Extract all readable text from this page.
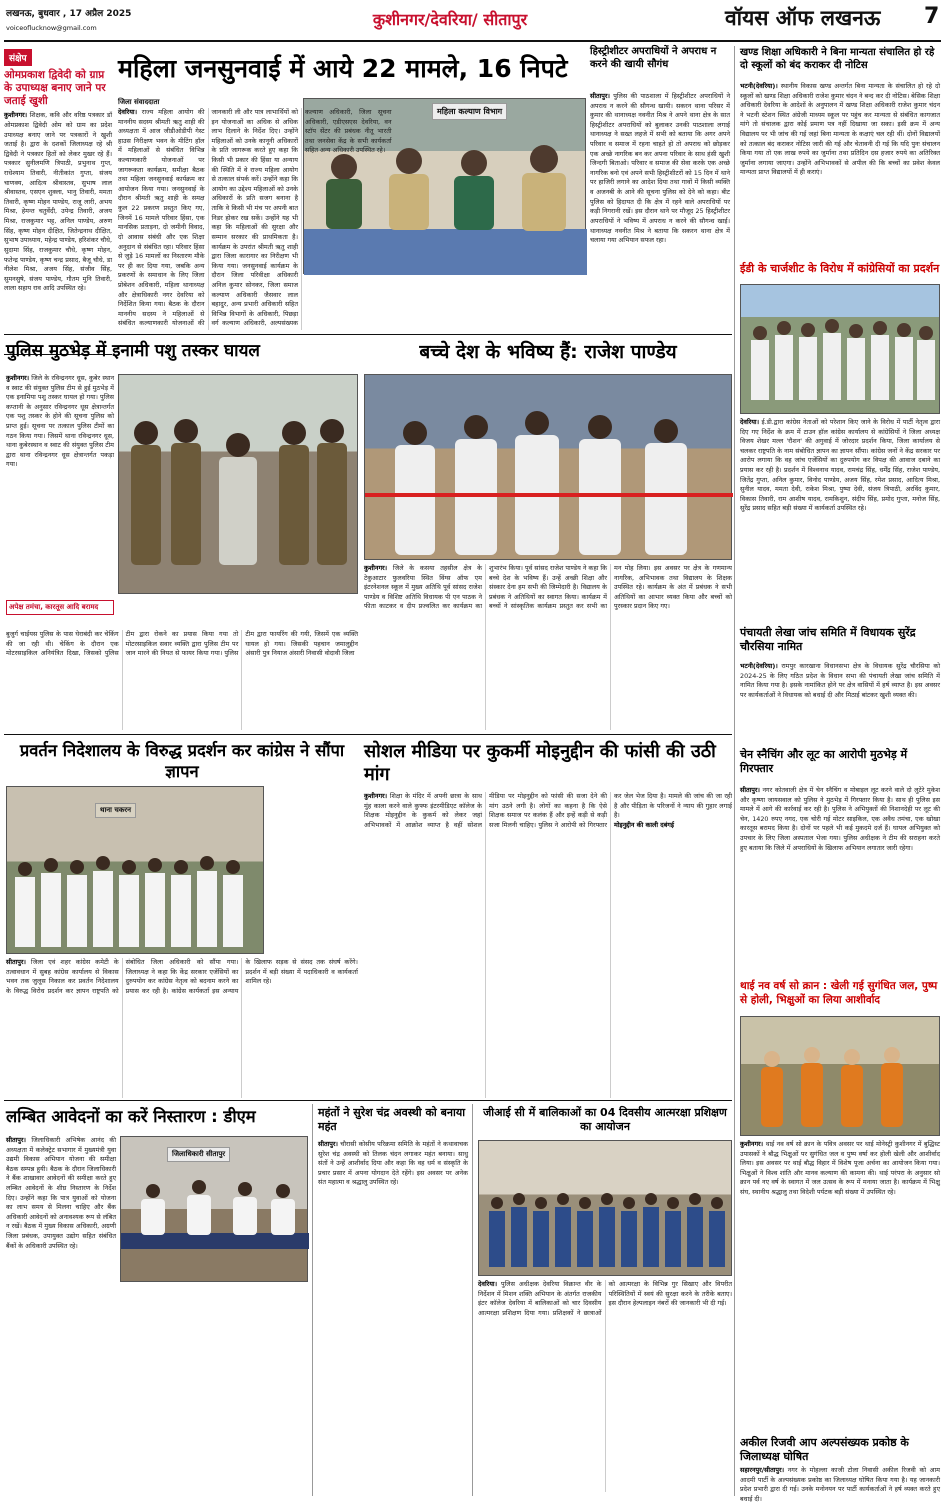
लखनऊ, बुधवार , 17 अप्रैल 2025
voiceoflucknow@gmail.com	कुशीनगर/देवरिया/ सीतापुर	वॉयस ऑफ लखनऊ 7
संक्षेप
ओमप्रकाश द्विवेदी को ग्राप्र के उपाध्यक्ष बनाए जाने पर जताई खुशी
कुशीनगर। शिक्षक, कवि और वरिष्ठ पत्रकार डॉ ओमप्रकाश द्विवेदी ओम को ग्राम का प्रदेश उपाध्यक्ष बनाए जाने पर पत्रकारों ने खुशी जताई है। द्वारा के दशकों जिलाध्यक्ष रहे श्री द्विवेदी ने पत्रकार हितों को लेकर मुखर रहे हैं। पत्रकार सुनीलमणि त्रिपाठी, प्रभुनाथ गुप्त, राधेश्याम तिवारी, नीतीकांत गुप्ता, संजय चाणक्य, आदित्य श्रीवास्तव, सुभाष लाल श्रीवास्तव, एसएन शुक्ला, भानु तिवारी, ममता तिवारी, कृष्ण मोहन पाण्डेय, राजू लारी, अभय मिश्रा, हेमन्त चतुर्वेदी, उपेन्द्र तिवारी, अजय मिश्रा, राजकुमार भट्ट, अनिल पाण्डेय, अरुण सिंह, कृष्ण मोहन दीक्षित, जितेन्द्रनाथ दीक्षित, सुभाष उपाध्याय, महेन्द्र पाण्डेय, हरिशंकर चौधे, सुदामा सिंह, राजकुमार चौधे, कृष्ण मोहन, फतेन्द्र पाण्डेय, कृष्ण चन्द्र प्रसाद, बैजू चौधे, डा नीलेश मिश्रा, अजय सिंह, संजीव सिंह, सुमनसुषे, संजय पाण्डेय, गौतम मुनि तिवारी, लाला सहाय राव आदि उपस्थित रहे।
महिला जनसुनवाई में आये 22 मामले, 16 निपटे
महिला कल्याण विभाग
जिला संवाददाता
देवरिया। राज्य महिला आयोग की माननीय सदस्य श्रीमती ऋतु शाही की अध्यक्षता में आज जीडीओडीपी गेस्ट हाउस निरीक्षण भवन के मीटिंग हॉल में महिलाओं से संबंधित विभिन्न कल्याणकारी योजनाओं पर जागरूकता कार्यक्रम, समीक्षा बैठक तथा महिला जनसुनवाई कार्यक्रम का आयोजन किया गया। जनसुनवाई के दौरान श्रीमती ऋतु शाही के समक्ष कुल 22 प्रकरण प्रस्तुत किए गए, जिनमें 16 मामले परिवार हिंसा, एक मानसिक प्रताड़ना, दो जमीनी विवाद, दो आवास संबंधी और एक शिक्षा अनुदान से संबंधित रहा। परिवार हिंसा से जुड़े 16 मामलों का निस्तारण मौके पर ही कर दिया गया, जबकि अन्य प्रकरणों के समाधान के लिए जिला प्रोबेशन अधिकारी, महिला थानाध्यक्ष और क्षेत्राधिकारी नगर देवरिया को निर्देशित किया गया। बैठक के दौरान माननीय सदस्य ने महिलाओं से संबंधित कल्याणकारी योजनाओं की जानकारी ली और पात्र लाभार्थियों को इन योजनाओं का अधिक से अधिक लाभ दिलाने के निर्देश दिए। उन्होंने महिलाओं को उनके कानूनी अधिकारों के प्रति जागरूक करते हुए कहा कि किसी भी प्रकार की हिंसा या अन्याय की स्थिति में वे राज्य महिला आयोग से तत्काल संपर्क करें। उन्होंने कहा कि आयोग का उद्देश्य महिलाओं को उनके अधिकारों के प्रति सजग बनाना है ताकि वे किसी भी मंच पर अपनी बात निडर होकर रख सकें। उन्होंने यह भी कहा कि महिलाओं की सुरक्षा और सम्मान सरकार की प्राथमिकता है। कार्यक्रम के उपरांत श्रीमती ऋतु शाही द्वारा जिला कारागार का निरीक्षण भी किया गया। जनसुनवाई कार्यक्रम के दौरान जिला परिवीक्षा अधिकारी अनिल कुमार सोनकर, जिला समाज कल्याण अधिकारी जैसवार लाल बहादुर, अन्य प्रभारी अधिकारी सहित विभिन्न विभागों के अधिकारी, पिछड़ा वर्ग कल्याण अधिकारी, अल्पसंख्यक कल्याण अधिकारी, जिला सूचना अधिकारी, एडीएसएस देवरिया, वन स्टॉप सेंटर की प्रबंधक नीतू भारती तथा जनसेवा केंद्र के सभी कार्यकर्ता सहित अन्य अधिकारी उपस्थित रहे।
हिस्ट्रीशीटर अपराधियों ने अपराध न करने की खायी सौगंध
सीतापुर। पुलिस की पाठशाला में हिस्ट्रीशीटर अपराधियों ने अपराध न करने की सौगन्ध खायी। सकरन थाना परिसर में कुमार की थानाध्यक्ष नवनीत मिश्र ने अपने थाना क्षेत्र के सात हिस्ट्रीशीटर अपराधियों को बुलाकर उनकी पाठशाला लगाई थानाध्यक्ष ने सख्त लहजे में सभी को बताया कि अगर अपने परिवार व समाज में रहना चाहते हो तो अपराध को छोड़कर एक अच्छे नागरिक बन कर अपना परिवार के साथ हंसी खुशी जिन्दगी बिताओ। परिवार व समाज की सेवा करके एक अच्छे नागरिक बनो एवं अपने सभी हिस्ट्रीशीटरों को 15 दिन में थाने पर हाजिरी लगाने का आदेश दिया तथा गावों में किसी व्यक्ति व अजनबी के आने की सूचना पुलिस को देने को कहा। बीट पुलिस को हिदायत दी कि क्षेत्र में रहने वाले अपराधियों पर कड़ी निगरानी रखें। इस दौरान थाने पर मौजूद 25 हिस्ट्रीशीटर अपराधियों ने भविष्य में अपराध न करने की सौगन्ध खाई। थानाध्यक्ष नवनीत मिश्र ने बताया कि सकरन थाना क्षेत्र में चलाया गया अभियान सफल रहा।
खण्ड शिक्षा अधिकारी ने बिना मान्यता संचालित हो रहे दो स्कूलों को बंद कराकर दी नोटिस
भटनी(देवरिया)। स्थानीय विकास खण्ड अन्तर्गत बिना मान्यता के संचालित हो रहे दो स्कूलों को खण्ड शिक्षा अधिकारी राजेश कुमार चंदन ने बन्द कर दी नोटिस। बेसिक शिक्षा अधिकारी देवरिया के आदेशों के अनुपालन में खण्ड शिक्षा अधिकारी राजेश कुमार चंदन ने भटनी स्टेशन स्थित अंग्रेजी माध्यम स्कूल पर पहुंच कर मान्यता से संबंधित कागजात मांगे तो संचालक द्वारा कोई प्रमाण पत्र नहीं दिखाया जा सका। इसी क्रम में अन्य विद्यालय पर भी जांच की गई जहां बिना मान्यता के कक्षाएं चल रही थीं। दोनों विद्यालयों को तत्काल बंद कराकर नोटिस जारी की गई और चेतावनी दी गई कि यदि पुनः संचालन किया गया तो एक लाख रुपये का जुर्माना तथा प्रतिदिन दस हजार रुपये का अतिरिक्त जुर्माना लगाया जाएगा। उन्होंने अभिभावकों से अपील की कि बच्चों का प्रवेश केवल मान्यता प्राप्त विद्यालयों में ही कराएं।
ईडी के चार्जशीट के विरोध में कांग्रेसियों का प्रदर्शन
देवरिया। ई.डी.द्वारा कांग्रेस नेताओं को परेशान किए जाने के विरोध में पार्टी नेतृत्व द्वारा दिए गए निर्देश के क्रम में टाउन हॉल कांग्रेस कार्यालय से कांग्रेसियों ने जिला अध्यक्ष विजय शेखर मल्ल 'रौशन' की अगुवाई में जोरदार प्रदर्शन किया, जिला कार्यालय से चलकर राष्ट्रपति के नाम संबोधित ज्ञापन का ज्ञापन सौंपा। कांग्रेस जनों ने केंद्र सरकार पर आरोप लगाया कि वह जांच एजेंसियों का दुरुपयोग कर विपक्ष की आवाज दबाने का प्रयास कर रही है। प्रदर्शन में विश्वनाथ यादव, रामचंद्र सिंह, धर्मेंद्र सिंह, राजेश पाण्डेय, जितेंद्र गुप्ता, अनिल कुमार, विनोद पाण्डेय, अजय सिंह, रमेश प्रसाद, आदित्य मिश्रा, सुनील यादव, ममता देवी, राकेश मिश्रा, पुष्पा देवी, संजय त्रिपाठी, अरविंद कुमार, विकास तिवारी, राम आशीष यादव, रामकिशुन, संदीप सिंह, प्रमोद गुप्ता, मनोज सिंह, सुरेंद्र प्रसाद सहित बड़ी संख्या में कार्यकर्ता उपस्थित रहे।
पंचायती लेखा जांच समिति में विधायक सुरेंद्र चौरसिया नामित
भटनी(देवरिया)। रामपुर कारखाना विधानसभा क्षेत्र के विधायक सुरेंद्र चौरसिया को 2024-25 के लिए गठित प्रदेश के विधान सभा की पंचायती लेखा जांच समिति में नामित किया गया है। इसके नामांकित होने पर क्षेत्र वासियों में हर्ष व्याप्त है। इस अवसर पर कार्यकर्ताओं ने विधायक को बधाई दी और मिठाई बांटकर खुशी व्यक्त की।
चेन स्नैचिंग और लूट का आरोपी मुठभेड़ में गिरफ्तार
सीतापुर। नगर कोतवाली क्षेत्र में चेन स्नैचिंग व मोबाइल लूट करने वाले दो लुटेरे मुकेश और कृष्णा जायसवाल को पुलिस ने मुठभेड़ में गिरफ्तार किया है। साथ ही पुलिस इस मामले में आगे की कार्रवाई कर रही है। पुलिस ने अभियुक्तों की निशानदेही पर लूट की चेन, 1420 रुपए नगद, एक चोरी गई मोटर साइकिल, एक अवैध तमंचा, एक खोखा कारतूस बरामद किया है। दोनों पर पहले भी कई मुकदमे दर्ज हैं। घायल अभियुक्त को उपचार के लिए जिला अस्पताल भेजा गया। पुलिस अधीक्षक ने टीम की सराहना करते हुए बताया कि जिले में अपराधियों के खिलाफ अभियान लगातार जारी रहेगा।
थाई नव वर्ष सो क्रान : खेली गई सुगंधित जल, पुष्प से होली, भिक्षुओं का लिया आशीर्वाद
कुशीनगर। थाई नव वर्ष सो क्रान के पवित्र अवसर पर थाई मोनेस्ट्री कुशीनगर में बुद्धिस्ट उपासकों ने बौद्ध भिक्षुओं पर सुगंधित जल व पुष्प वर्षा कर होली खेली और आशीर्वाद लिया। इस अवसर पर थाई बौद्ध विहार में विशेष पूजा अर्चना का आयोजन किया गया। भिक्षुओं ने विश्व शांति और मानव कल्याण की कामना की। थाई परंपरा के अनुसार सो क्रान पर्व नए वर्ष के स्वागत में जल उत्सव के रूप में मनाया जाता है। कार्यक्रम में भिक्षु संघ, स्थानीय श्रद्धालु तथा विदेशी पर्यटक बड़ी संख्या में उपस्थित रहे।
अकील रिजवी आप अल्पसंख्यक प्रकोष्ठ के जिलाध्यक्ष घोषित
सहारनपुर/सीतापुर। नगर के मोहल्ला काजी टोला निवासी अकील रिजवी को आम आदमी पार्टी के अल्पसंख्यक प्रकोष्ठ का जिलाध्यक्ष घोषित किया गया है। यह जानकारी प्रदेश प्रभारी द्वारा दी गई। उनके मनोनयन पर पार्टी कार्यकर्ताओं ने हर्ष व्यक्त करते हुए बधाई दी।
पुलिस मुठभेड़ में इनामी पशु तस्कर घायल
कुशीनगर। जिले के रविन्द्रनगर धूस, कुबेर स्थान व स्वाट की संयुक्त पुलिस टीम से हुई मुठभेड़ में एक इनामिया पशु तस्कर घायल हो गया। पुलिस कप्तानी के अनुसार रविन्द्रनगर धूस क्षेत्रान्तर्गत एक पशु तस्कर के होने की सूचना पुलिस को प्राप्त हुई। सूचना पर तत्काल पुलिस टीमों का गठन किया गया। जिसमें थाना रविन्द्रनगर धूस, थाना कुबेरस्थान व स्वाट की संयुक्त पुलिस टीम द्वारा थाना रविन्द्रनगर धूस क्षेत्रान्तर्गत पकड़ा गया।
अपेक्ष तमंचा, कारतूस आदि बरामद
बुजुर्ग चाईयस पुलिस के पास घेराबंदी कर चेकिंग की जा रही थी। चेकिंग के दौरान एक मोटरसाइकिल अनियंत्रित दिखा, जिसको पुलिस टीम द्वारा रोकने का प्रयास किया गया तो मोटरसाइकिल सवार व्यक्ति द्वारा पुलिस टीम पर जान मारने की नियत से फायर किया गया। पुलिस टीम द्वारा फायरिंग की गयी, जिसमें एक व्यक्ति घायल हो गया। जिसकी पहचान जमालुद्दीन अंसारी पुत्र नियाज अंसारी निवासी वोदावी जिला
बच्चे देश के भविष्य हैं: राजेश पाण्डेय
कुशीनगर। जिले के कसया तहसील क्षेत्र के टेकुआटार फुलवरिया स्थित विंग्स ऑफ एम इंटरनेशनल स्कूल में मुख्य अतिथि पूर्व सांसद राजेश पाण्डेय व विशिष्ट अतिथि विधायक पी एन पाठक ने फीता काटकर व दीप प्रज्वलित कर कार्यक्रम का शुभारंभ किया। पूर्व सांसद राजेश पाण्डेय ने कहा कि बच्चे देश के भविष्य हैं। उन्हें अच्छी शिक्षा और संस्कार देना हम सभी की जिम्मेदारी है। विद्यालय के प्रबंधक ने अतिथियों का स्वागत किया। कार्यक्रम में बच्चों ने सांस्कृतिक कार्यक्रम प्रस्तुत कर सभी का मन मोह लिया। इस अवसर पर क्षेत्र के गणमान्य नागरिक, अभिभावक तथा विद्यालय के शिक्षक उपस्थित रहे। कार्यक्रम के अंत में प्रबंधक ने सभी अतिथियों का आभार व्यक्त किया और बच्चों को पुरस्कार प्रदान किए गए।
प्रवर्तन निदेशालय के विरुद्ध प्रदर्शन कर कांग्रेस ने सौंपा ज्ञापन
थाना चकरन
सीतापुर। जिला एवं शहर कांग्रेस कमेटी के तत्वावधान में सुबह कांग्रेस कार्यालय से विकास भवन तक जुलूस निकाल कर प्रवर्तन निदेशालय के विरुद्ध विरोध प्रदर्शन कर ज्ञापन राष्ट्रपति को संबोधित जिला अधिकारी को सौंपा गया। जिलाध्यक्ष ने कहा कि केंद्र सरकार एजेंसियों का दुरुपयोग कर कांग्रेस नेतृत्व को बदनाम करने का प्रयास कर रही है। कांग्रेस कार्यकर्ता इस अन्याय के खिलाफ सड़क से संसद तक संघर्ष करेंगे। प्रदर्शन में बड़ी संख्या में पदाधिकारी व कार्यकर्ता शामिल रहे।
सोशल मीडिया पर कुकर्मी मोइनुद्दीन की फांसी की उठी मांग
कुशीनगर। शिक्षा के मंदिर में अपनी छात्रा के साथ मुंह काला करने वाले कुफ्फ इंटरमीडिएट कॉलेज के शिक्षक मोइनुद्दीन के कुकर्म को लेकर जहां अभिभावकों में आक्रोश व्याप्त है वहीं सोशल मीडिया पर मोइनुद्दीन को फांसी की सजा देने की मांग उठने लगी है। लोगों का कहना है कि ऐसे शिक्षक समाज पर कलंक हैं और इन्हें कड़ी से कड़ी सजा मिलनी चाहिए। पुलिस ने आरोपी को गिरफ्तार कर जेल भेज दिया है। मामले की जांच की जा रही है और पीड़िता के परिजनों ने न्याय की गुहार लगाई है।
मोइनुद्दीन की काली दबंगई
लम्बित आवेदनों का करें निस्तारण : डीएम
सीतापुर। जिलाधिकारी अभिषेक आनंद की अध्यक्षता में कलेक्ट्रेट सभागार में मुख्यमंत्री युवा उद्यमी विकास अभियान योजना की समीक्षा बैठक सम्पन्न हुयी। बैठक के दौरान जिलाधिकारी ने बैंक शाखावार आवेदनों की समीक्षा करते हुए लम्बित आवेदनों के शीघ्र निस्तारण के निर्देश दिए। उन्होंने कहा कि पात्र युवाओं को योजना का लाभ समय से मिलना चाहिए और बैंक अधिकारी आवेदनों को अनावश्यक रूप से लंबित न रखें। बैठक में मुख्य विकास अधिकारी, अग्रणी जिला प्रबंधक, उपायुक्त उद्योग सहित संबंधित बैंकों के अधिकारी उपस्थित रहे।
जिलाधिकारी सीतापुर
महंतों ने सुरेश चंद्र अवस्थी को बनाया महंत
सीतापुर। चौरासी कोसीय परिक्रमा समिति के महंतों ने कथावाचक सुरेश चंद्र अवस्थी को तिलक चंदन लगाकर महंत बनाया। साधु संतों ने उन्हें आशीर्वाद दिया और कहा कि वह धर्म व संस्कृति के प्रचार प्रसार में अपना योगदान देते रहेंगे। इस अवसर पर अनेक संत महात्मा व श्रद्धालु उपस्थित रहे।
जीआई सी में बालिकाओं का 04 दिवसीय आत्मरक्षा प्रशिक्षण का आयोजन
देवरिया। पुलिस अधीक्षक देवरिया विक्रान्त वीर के निर्देशन में मिशन शक्ति अभियान के अंतर्गत राजकीय इंटर कॉलेज देवरिया में बालिकाओं को चार दिवसीय आत्मरक्षा प्रशिक्षण दिया गया। प्रशिक्षकों ने छात्राओं को आत्मरक्षा के विभिन्न गुर सिखाए और विपरीत परिस्थितियों में स्वयं की सुरक्षा करने के तरीके बताए। इस दौरान हेल्पलाइन नंबरों की जानकारी भी दी गई।
